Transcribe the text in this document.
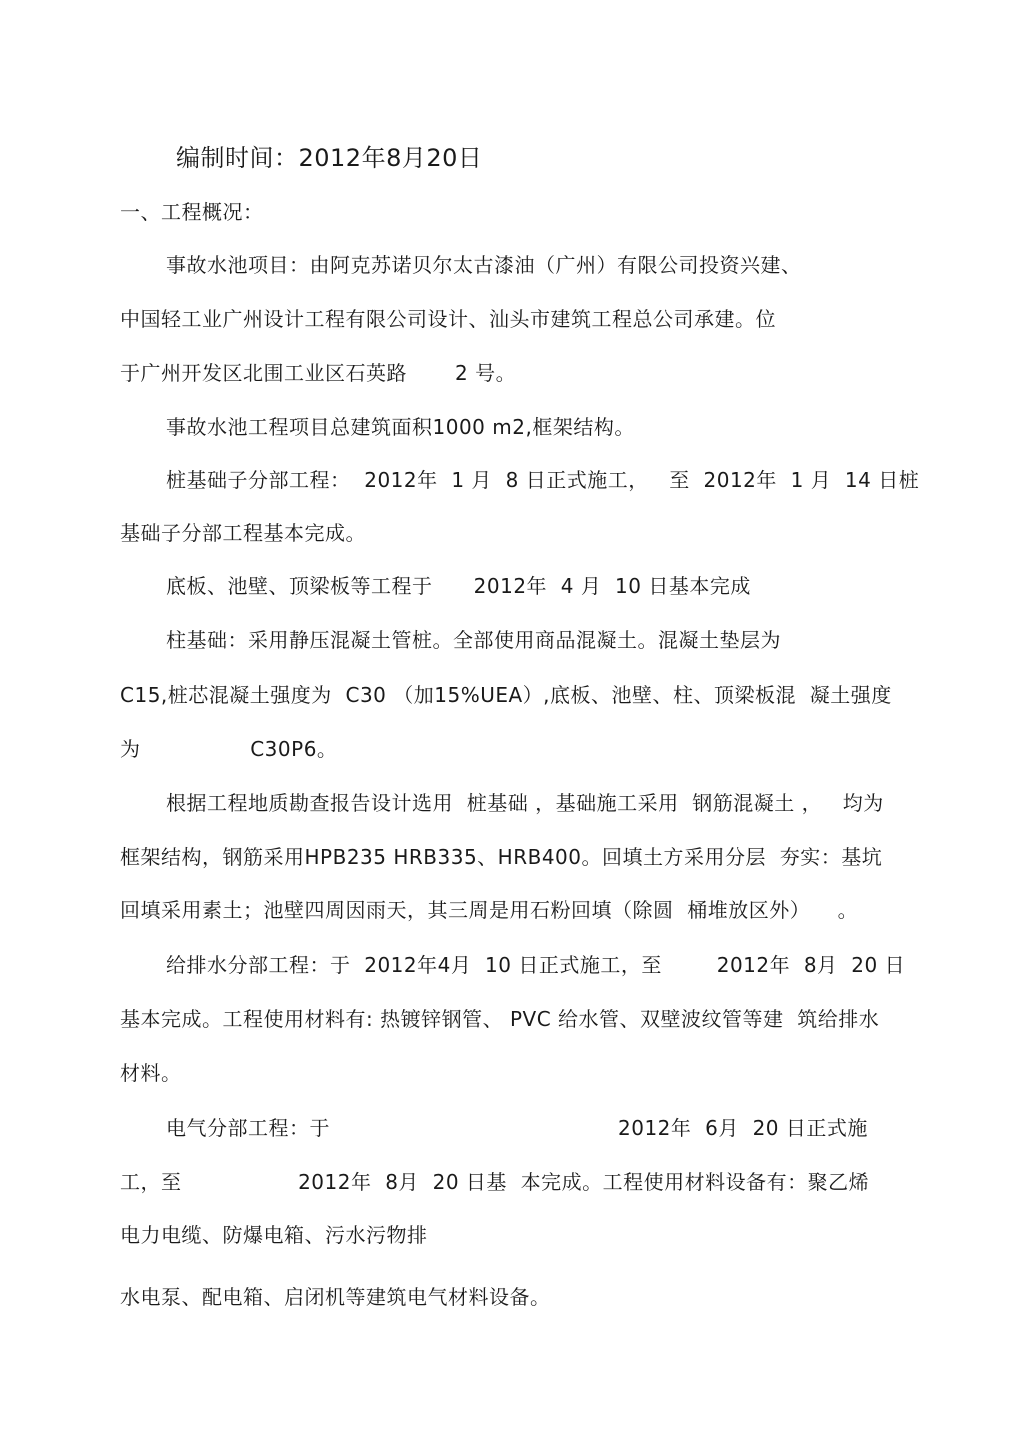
编制时间：2012年8月20日
一、工程概况：
事故水池项目：由阿克苏诺贝尔太古漆油（广州）有限公司投资兴建、
中国轻工业广州设计工程有限公司设计、汕头市建筑工程总公司承建。位
于广州开发区北围工业区石英路       2 号。
事故水池工程项目总建筑面积1000 m2,框架结构。
桩基础子分部工程：  2012年  1 月  8 日正式施工，   至  2012年  1 月  14 日桩
基础子分部工程基本完成。
底板、池壁、顶梁板等工程于      2012年  4 月  10 日基本完成
柱基础：采用静压混凝土管桩。全部使用商品混凝土。混凝土垫层为
C15,桩芯混凝土强度为  C30 （加15%UEA）,底板、池壁、柱、顶梁板混  凝土强度
为                C30P6。
根据工程地质勘查报告设计选用  桩基础 ，基础施工采用  钢筋混凝土 ，   均为
框架结构，钢筋采用HPB235 HRB335、HRB400。回填土方采用分层  夯实：基坑
回填采用素土；池壁四周因雨天，其三周是用石粉回填（除圆  桶堆放区外）    。
给排水分部工程：于  2012年4月  10 日正式施工，至        2012年  8月  20 日
基本完成。工程使用材料有: 热镀锌钢管、 PVC 给水管、双壁波纹管等建  筑给排水
材料。
电气分部工程：于                                          2012年  6月  20 日正式施
工，至                 2012年  8月  20 日基  本完成。工程使用材料设备有：聚乙烯
电力电缆、防爆电箱、污水污物排
水电泵、配电箱、启闭机等建筑电气材料设备。
